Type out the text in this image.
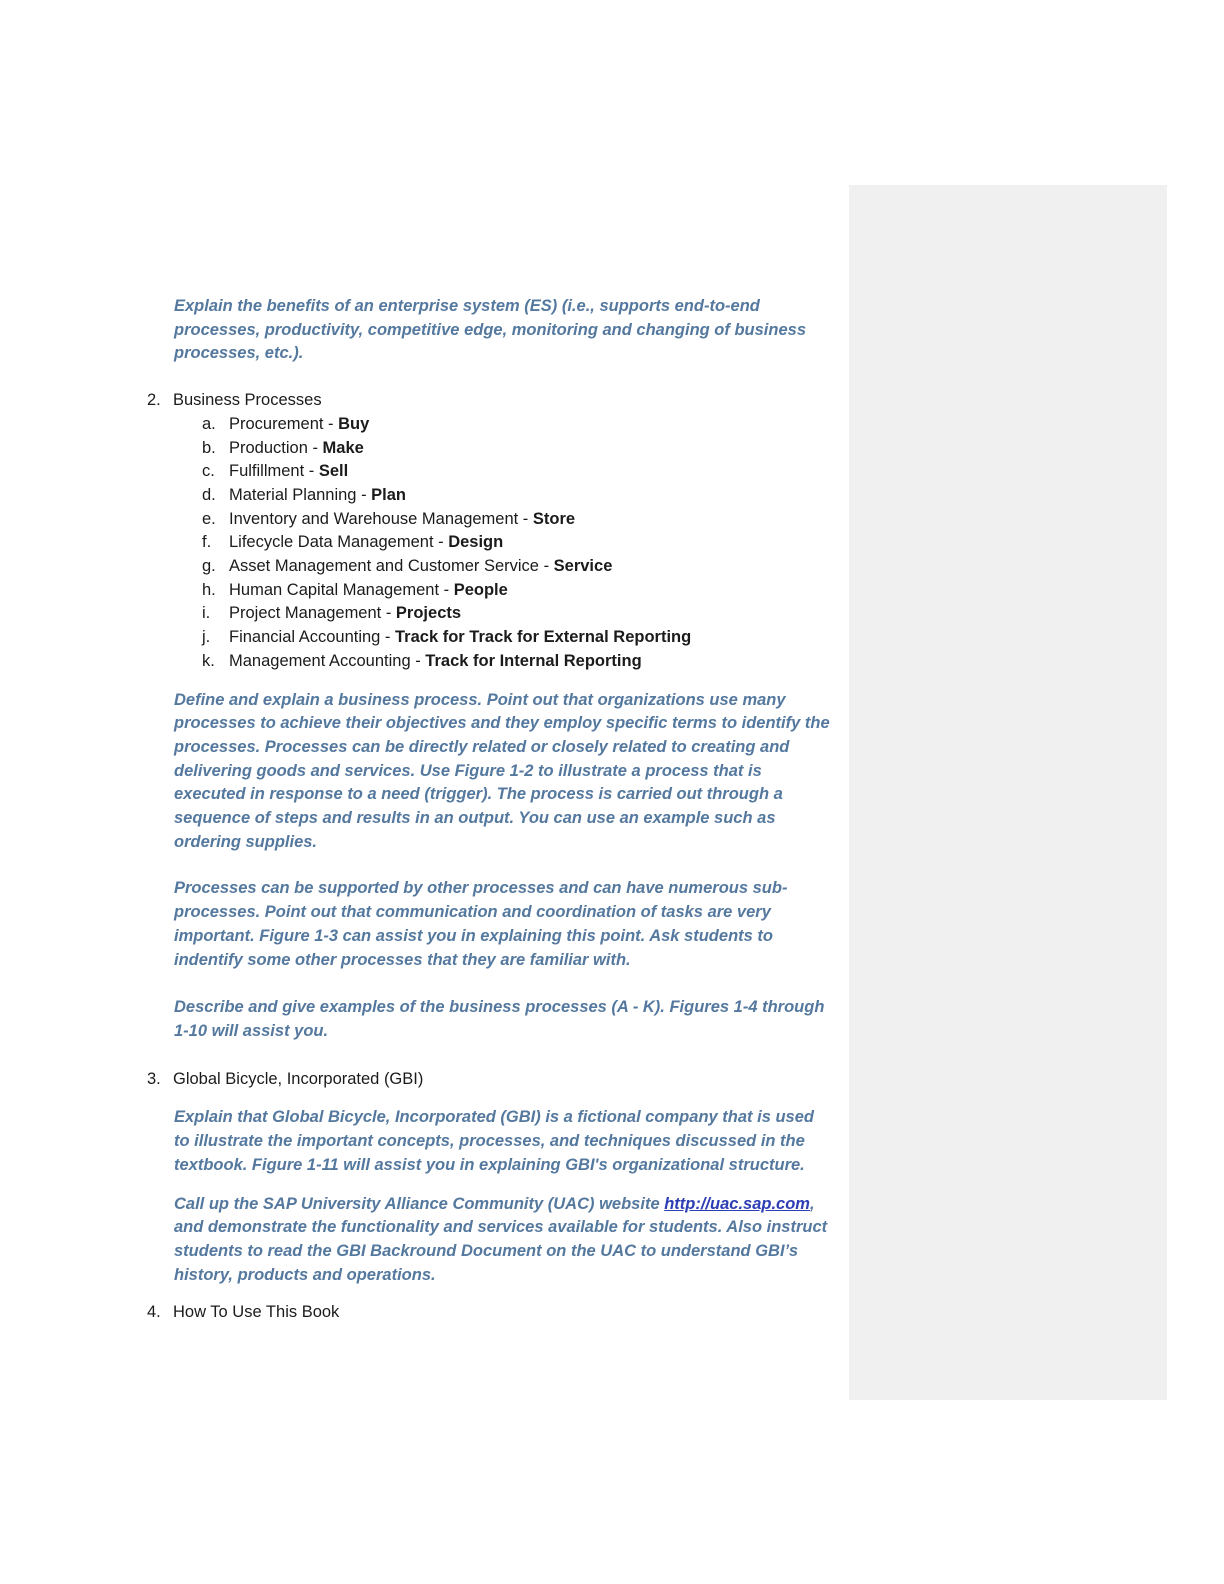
Explain the benefits of an enterprise system (ES) (i.e., supports end-to-end processes, productivity, competitive edge, monitoring and changing of business processes, etc.).

2. Business Processes
a. Procurement - Buy
b. Production - Make
c. Fulfillment - Sell
d. Material Planning - Plan
e. Inventory and Warehouse Management - Store
f.	Lifecycle Data Management - Design
g. Asset Management and Customer Service - Service
h. Human Capital Management - People
i.	Project Management - Projects
j.	Financial Accounting - Track for Track for External Reporting
k. Management Accounting - Track for Internal Reporting

Define and explain a business process. Point out that organizations use many processes to achieve their objectives and they employ specific terms to identify the processes. Processes can be directly related or closely related to creating and delivering goods and services. Use Figure 1-2 to illustrate a process that is executed in response to a need (trigger). The process is carried out through a sequence of steps and results in an output. You can use an example such as ordering supplies.

Processes can be supported by other processes and can have numerous sub-processes. Point out that communication and coordination of tasks are very important. Figure 1-3 can assist you in explaining this point. Ask students to indentify some other processes that they are familiar with.

Describe and give examples of the business processes (A - K). Figures 1-4 through 1-10 will assist you.

3. Global Bicycle, Incorporated (GBI)

Explain that Global Bicycle, Incorporated (GBI) is a fictional company that is used to illustrate the important concepts, processes, and techniques discussed in the textbook. Figure 1-11 will assist you in explaining GBI's organizational structure.

Call up the SAP University Alliance Community (UAC) website http://uac.sap.com, and demonstrate the functionality and services available for students. Also instruct students to read the GBI Backround Document on the UAC to understand GBI’s history, products and operations.

4. How To Use This Book
